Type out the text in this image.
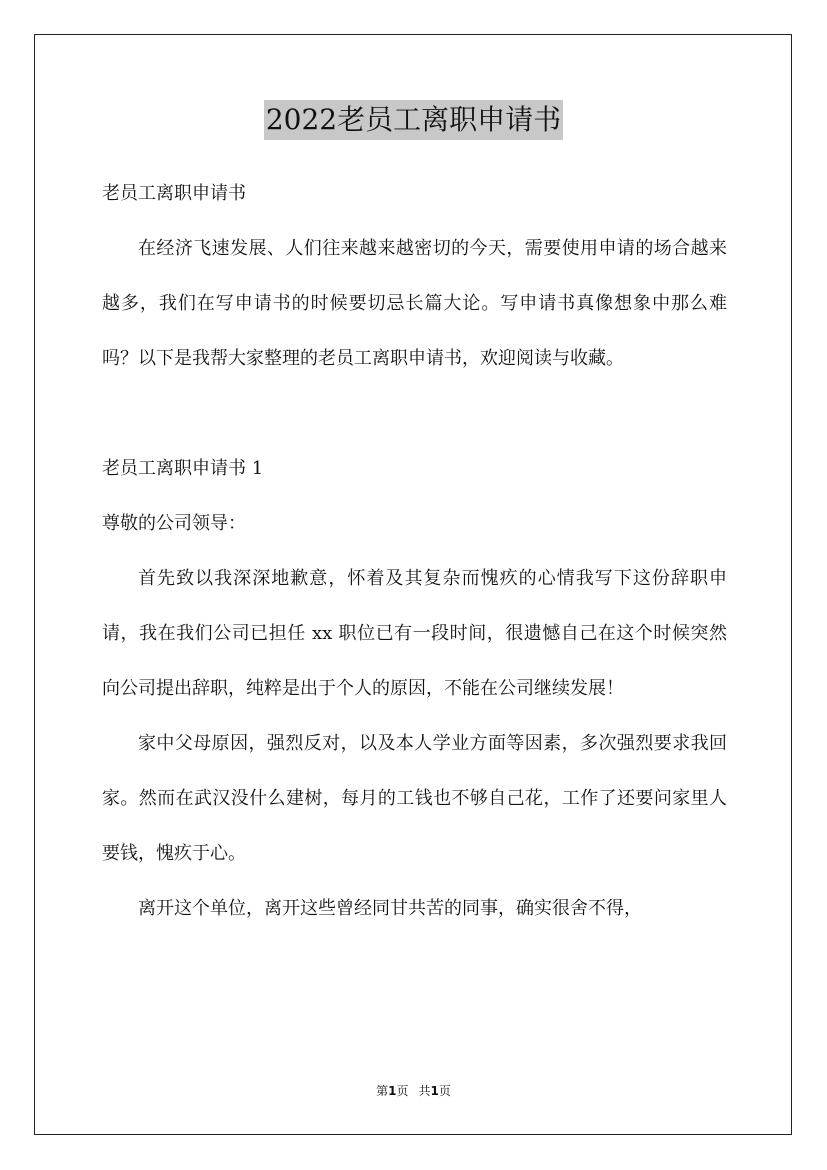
2022老员工离职申请书

老员工离职申请书

在经济飞速发展、人们往来越来越密切的今天，需要使用申请的场合越来越多，我们在写申请书的时候要切忌长篇大论。写申请书真像想象中那么难吗？以下是我帮大家整理的老员工离职申请书，欢迎阅读与收藏。

老员工离职申请书 1

尊敬的公司领导：

首先致以我深深地歉意，怀着及其复杂而愧疚的心情我写下这份辞职申请，我在我们公司已担任 xx 职位已有一段时间，很遗憾自己在这个时候突然向公司提出辞职，纯粹是出于个人的原因，不能在公司继续发展！

家中父母原因，强烈反对，以及本人学业方面等因素，多次强烈要求我回家。然而在武汉没什么建树，每月的工钱也不够自己花，工作了还要问家里人要钱，愧疚于心。

离开这个单位，离开这些曾经同甘共苦的同事，确实很舍不得，

第1页 共1页
